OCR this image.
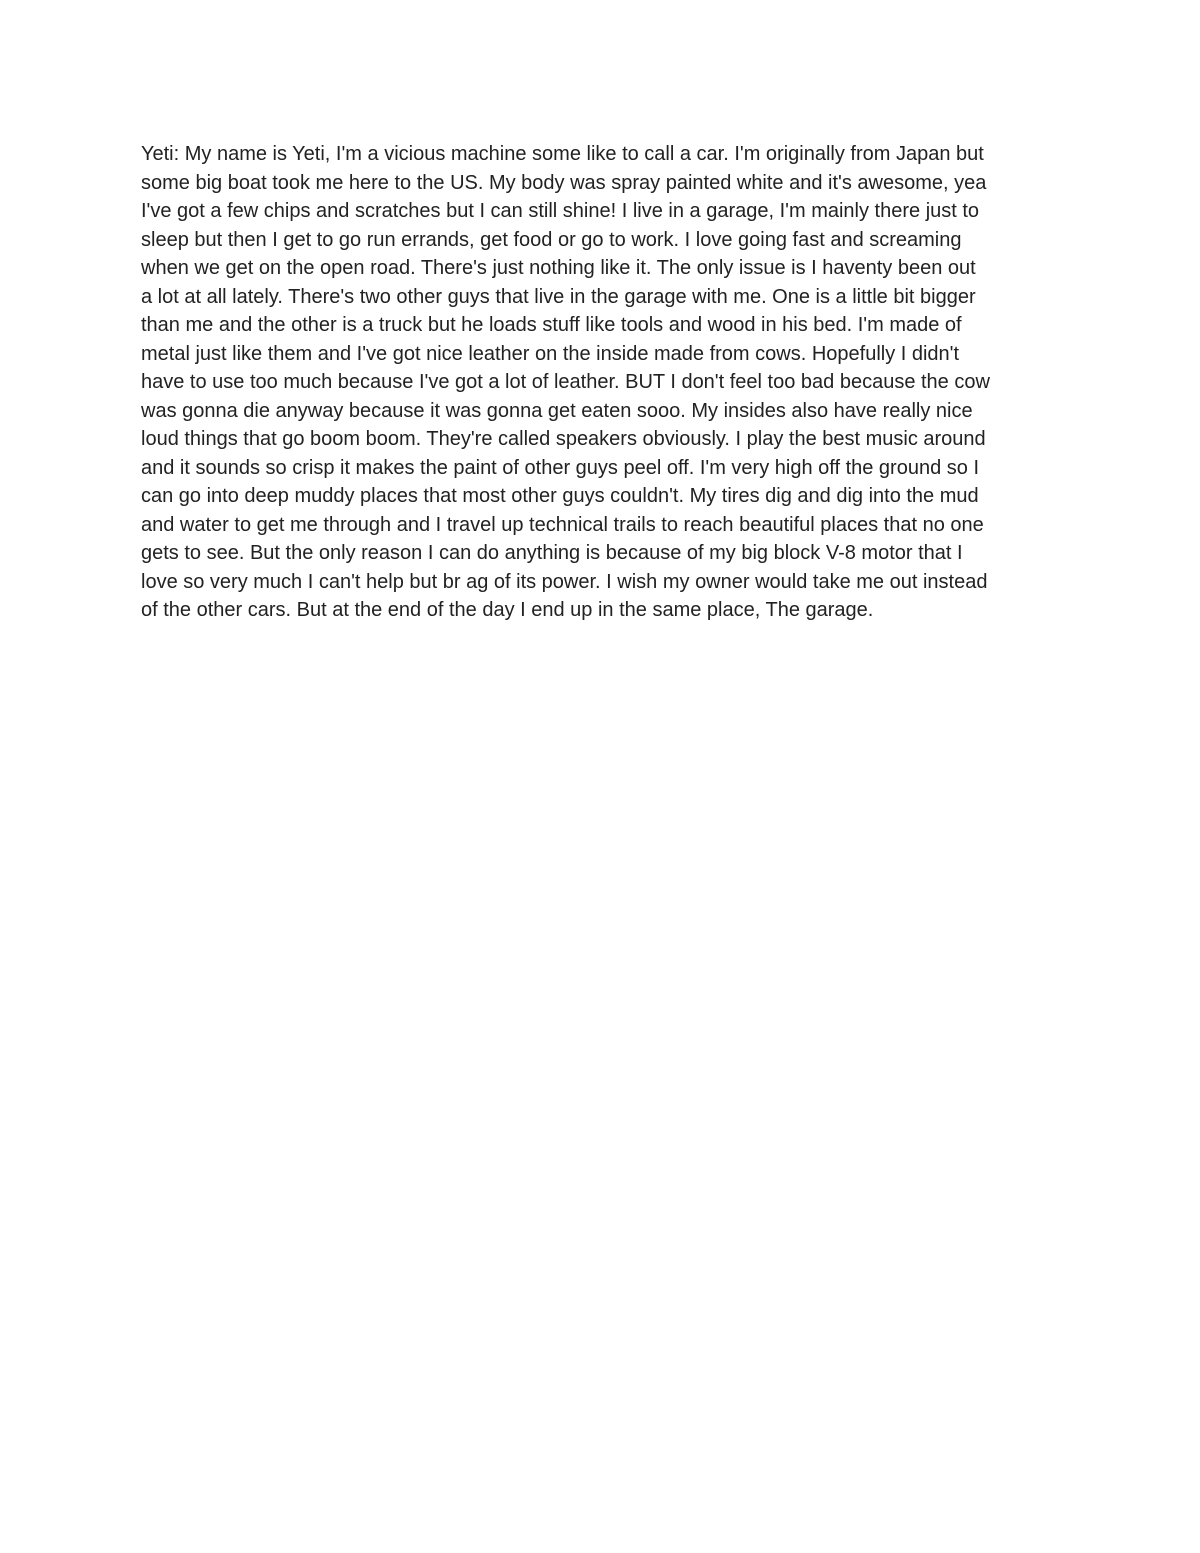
Yeti: My name is Yeti, I'm a vicious machine some like to call a car. I'm originally from Japan but
some big boat took me here to the US. My body was spray painted white and it's awesome, yea
I've got a few chips and scratches but I can still shine! I live in a garage, I'm mainly there just to
sleep but then I get to go run errands, get food or go to work. I love going fast and screaming
when we get on the open road. There's just nothing like it. The only issue is I haventy been out
a lot at all lately. There's two other guys that live in the garage with me. One is a little bit bigger
than me and the other is a truck but he loads stuff like tools and wood in his bed. I'm made of
metal just like them and I've got nice leather on the inside made from cows. Hopefully I didn't
have to use too much because I've got a lot of leather. BUT I don't feel too bad because the cow
was gonna die anyway because it was gonna get eaten sooo. My insides also have really nice
loud things that go boom boom. They're called speakers obviously. I play the best music around
and it sounds so crisp it makes the paint of other guys peel off. I'm very high off the ground so I
can go into deep muddy places that most other guys couldn't. My tires dig and dig into the mud
and water to get me through and I travel up technical trails to reach beautiful places that no one
gets to see. But the only reason I can do anything is because of my big block V-8 motor that I
love so very much I can't help but br ag of its power. I wish my owner would take me out instead
of the other cars. But at the end of the day I end up in the same place, The garage.
